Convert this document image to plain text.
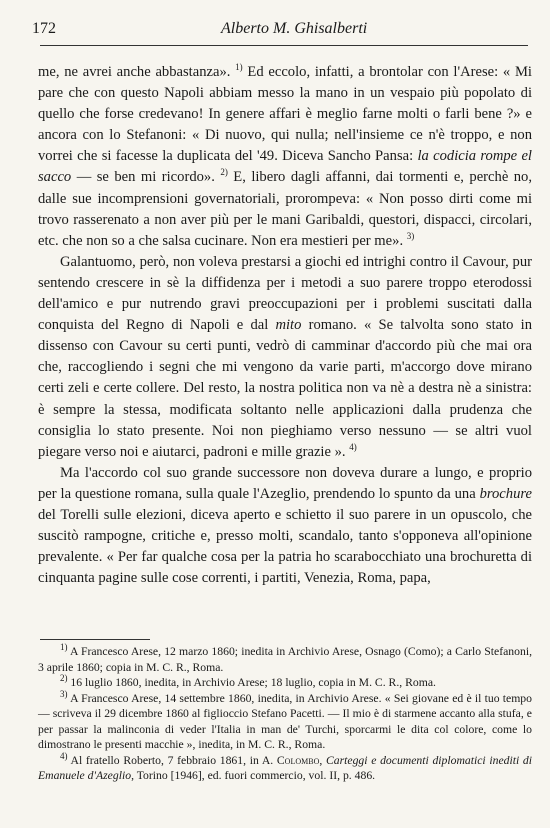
172	Alberto M. Ghisalberti

me, ne avrei anche abbastanza». $^{1)}$ Ed eccolo, infatti, a brontolar con l'Arese: « Mi pare che con questo Napoli abbiam messo la mano in un vespaio più popolato di quello che forse credevano! In genere affari è meglio farne molti o farli bene ?» e ancora con lo Stefanoni: « Di nuovo, qui nulla; nell'insieme ce n'è troppo, e non vorrei che si facesse la duplicata del '49. Diceva Sancho Pansa: la codicia rompe el sacco — se ben mi ricordo». $^{2)}$ E, libero dagli affanni, dai tormenti e, perchè no, dalle sue incomprensioni governatoriali, prorompeva: « Non posso dirti come mi trovo rasserenato a non aver più per le mani Garibaldi, questori, dispacci, circolari, etc. che non so a che salsa cucinare. Non era mestieri per me». $^{3)}$

Galantuomo, però, non voleva prestarsi a giochi ed intrighi contro il Cavour, pur sentendo crescere in sè la diffidenza per i metodi a suo parere troppo eterodossi dell'amico e pur nutrendo gravi preoccupazioni per i problemi suscitati dalla conquista del Regno di Napoli e dal mito romano. « Se talvolta sono stato in dissenso con Cavour su certi punti, vedrò di camminar d'accordo più che mai ora che, raccogliendo i segni che mi vengono da varie parti, m'accorgo dove mirano certi zeli e certe collere. Del resto, la nostra politica non va nè a destra nè a sinistra: è sempre la stessa, modificata soltanto nelle applicazioni dalla prudenza che consiglia lo stato presente. Noi non pieghiamo verso nessuno — se altri vuol piegare verso noi e aiutarci, padroni e mille grazie ». $^{4)}$

Ma l'accordo col suo grande successore non doveva durare a lungo, e proprio per la questione romana, sulla quale l'Azeglio, prendendo lo spunto da una brochure del Torelli sulle elezioni, diceva aperto e schietto il suo parere in un opuscolo, che suscitò rampogne, critiche e, presso molti, scandalo, tanto s'opponeva all'opinione prevalente. « Per far qualche cosa per la patria ho scarabocchiato una brochuretta di cinquanta pagine sulle cose correnti, i partiti, Venezia, Roma, papa,

$^{1)}$ A Francesco Arese, 12 marzo 1860; inedita in Archivio Arese, Osnago (Como); a Carlo Stefanoni, 3 aprile 1860; copia in M. C. R., Roma.

$^{2)}$ 16 luglio 1860, inedita, in Archivio Arese; 18 luglio, copia in M. C. R., Roma.

$^{3)}$ A Francesco Arese, 14 settembre 1860, inedita, in Archivio Arese. « Sei giovane ed è il tuo tempo — scriveva il 29 dicembre 1860 al figlioccio Stefano Pacetti. — Il mio è di starmene accanto alla stufa, e per passar la malinconia di veder l'Italia in man de' Turchi, sporcarmi le dita col colore, come lo dimostrano le presenti macchie », inedita, in M. C. R., Roma.

$^{4)}$ Al fratello Roberto, 7 febbraio 1861, in A. Colombo, Carteggi e documenti diplomatici inediti di Emanuele d'Azeglio, Torino [1946], ed. fuori commercio, vol. II, p. 486.
